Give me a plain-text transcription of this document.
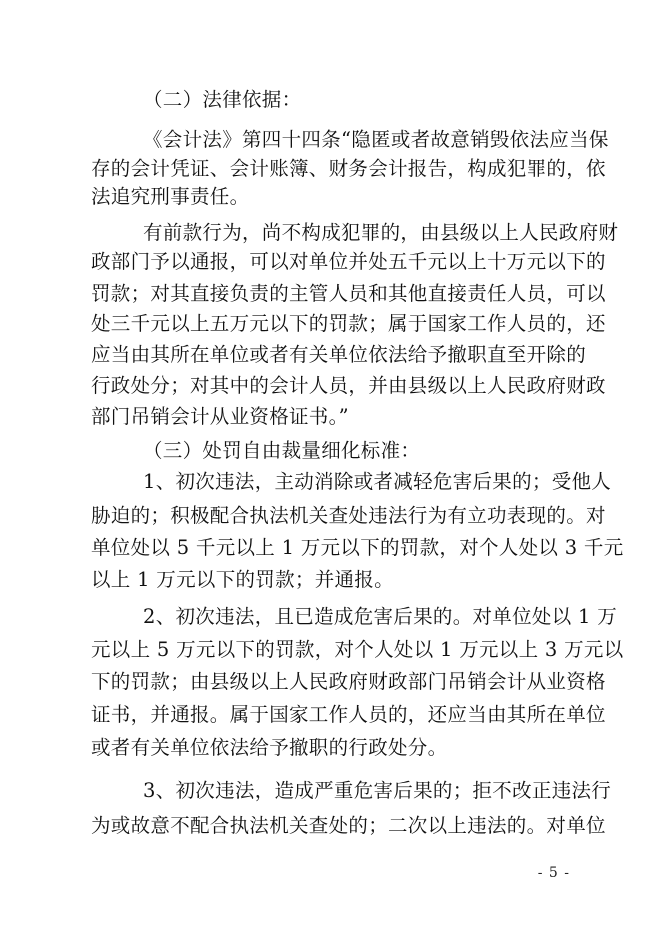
（二）法律依据：
《会计法》第四十四条“隐匿或者故意销毁依法应当保
存的会计凭证、会计账簿、财务会计报告，构成犯罪的，依
法追究刑事责任。
有前款行为，尚不构成犯罪的，由县级以上人民政府财
政部门予以通报，可以对单位并处五千元以上十万元以下的
罚款；对其直接负责的主管人员和其他直接责任人员，可以
处三千元以上五万元以下的罚款；属于国家工作人员的，还
应当由其所在单位或者有关单位依法给予撤职直至开除的
行政处分；对其中的会计人员，并由县级以上人民政府财政
部门吊销会计从业资格证书。”
（三）处罚自由裁量细化标准：
1、初次违法，主动消除或者减轻危害后果的；受他人
胁迫的；积极配合执法机关查处违法行为有立功表现的。对
单位处以 5 千元以上 1 万元以下的罚款，对个人处以 3 千元
以上 1 万元以下的罚款；并通报。
2、初次违法，且已造成危害后果的。对单位处以 1 万
元以上 5 万元以下的罚款，对个人处以 1 万元以上 3 万元以
下的罚款；由县级以上人民政府财政部门吊销会计从业资格
证书，并通报。属于国家工作人员的，还应当由其所在单位
或者有关单位依法给予撤职的行政处分。
3、初次违法，造成严重危害后果的；拒不改正违法行
为或故意不配合执法机关查处的；二次以上违法的。对单位
- 5 -
